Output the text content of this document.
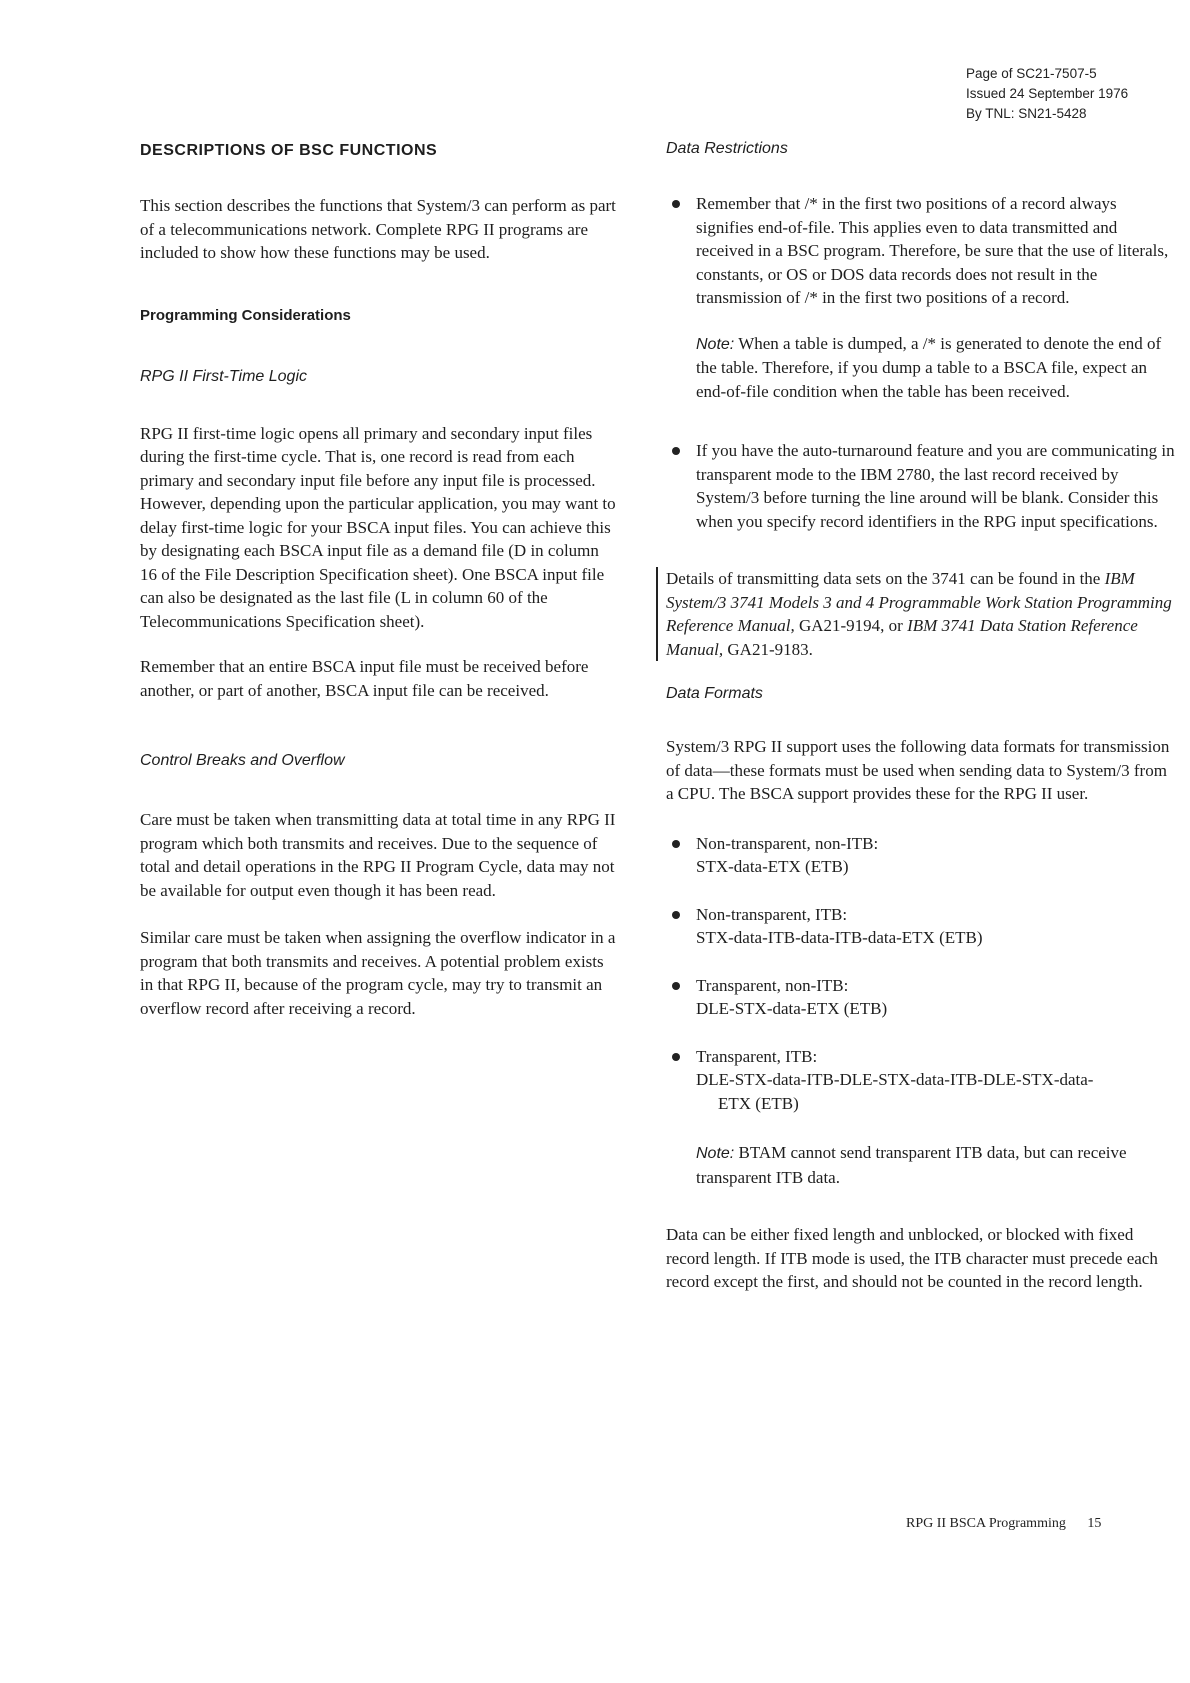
Page of SC21-7507-5
Issued 24 September 1976
By TNL: SN21-5428
DESCRIPTIONS OF BSC FUNCTIONS

This section describes the functions that System/3 can perform as part of a telecommunications network. Complete RPG II programs are included to show how these functions may be used.

Programming Considerations
RPG II First-Time Logic

RPG II first-time logic opens all primary and secondary input files during the first-time cycle. That is, one record is read from each primary and secondary input file before any input file is processed. However, depending upon the particular application, you may want to delay first-time logic for your BSCA input files. You can achieve this by designating each BSCA input file as a demand file (D in column 16 of the File Description Specification sheet). One BSCA input file can also be designated as the last file (L in column 60 of the Telecommunications Specification sheet).

Remember that an entire BSCA input file must be received before another, or part of another, BSCA input file can be received.

Control Breaks and Overflow

Care must be taken when transmitting data at total time in any RPG II program which both transmits and receives. Due to the sequence of total and detail operations in the RPG II Program Cycle, data may not be available for output even though it has been read.

Similar care must be taken when assigning the overflow indicator in a program that both transmits and receives. A potential problem exists in that RPG II, because of the program cycle, may try to transmit an overflow record after receiving a record.

Data Restrictions
Remember that /* in the first two positions of a record always signifies end-of-file. This applies even to data transmitted and received in a BSC program. Therefore, be sure that the use of literals, constants, or OS or DOS data records does not result in the transmission of /* in the first two positions of a record.

Note: When a table is dumped, a /* is generated to denote the end of the table. Therefore, if you dump a table to a BSCA file, expect an end-of-file condition when the table has been received.

If you have the auto-turnaround feature and you are communicating in transparent mode to the IBM 2780, the last record received by System/3 before turning the line around will be blank. Consider this when you specify record identifiers in the RPG input specifications.

Details of transmitting data sets on the 3741 can be found in the IBM System/3 3741 Models 3 and 4 Programmable Work Station Programming Reference Manual, GA21-9194, or IBM 3741 Data Station Reference Manual, GA21-9183.

Data Formats

System/3 RPG II support uses the following data formats for transmission of data—these formats must be used when sending data to System/3 from a CPU. The BSCA support provides these for the RPG II user.

Non-transparent, non-ITB:
STX-data-ETX (ETB)
Non-transparent, ITB:
STX-data-ITB-data-ITB-data-ETX (ETB)
Transparent, non-ITB:
DLE-STX-data-ETX (ETB)
Transparent, ITB:
DLE-STX-data-ITB-DLE-STX-data-ITB-DLE-STX-data-
ETX (ETB)

Note: BTAM cannot send transparent ITB data, but can receive transparent ITB data.

Data can be either fixed length and unblocked, or blocked with fixed record length. If ITB mode is used, the ITB character must precede each record except the first, and should not be counted in the record length.

RPG II BSCA Programming 15
